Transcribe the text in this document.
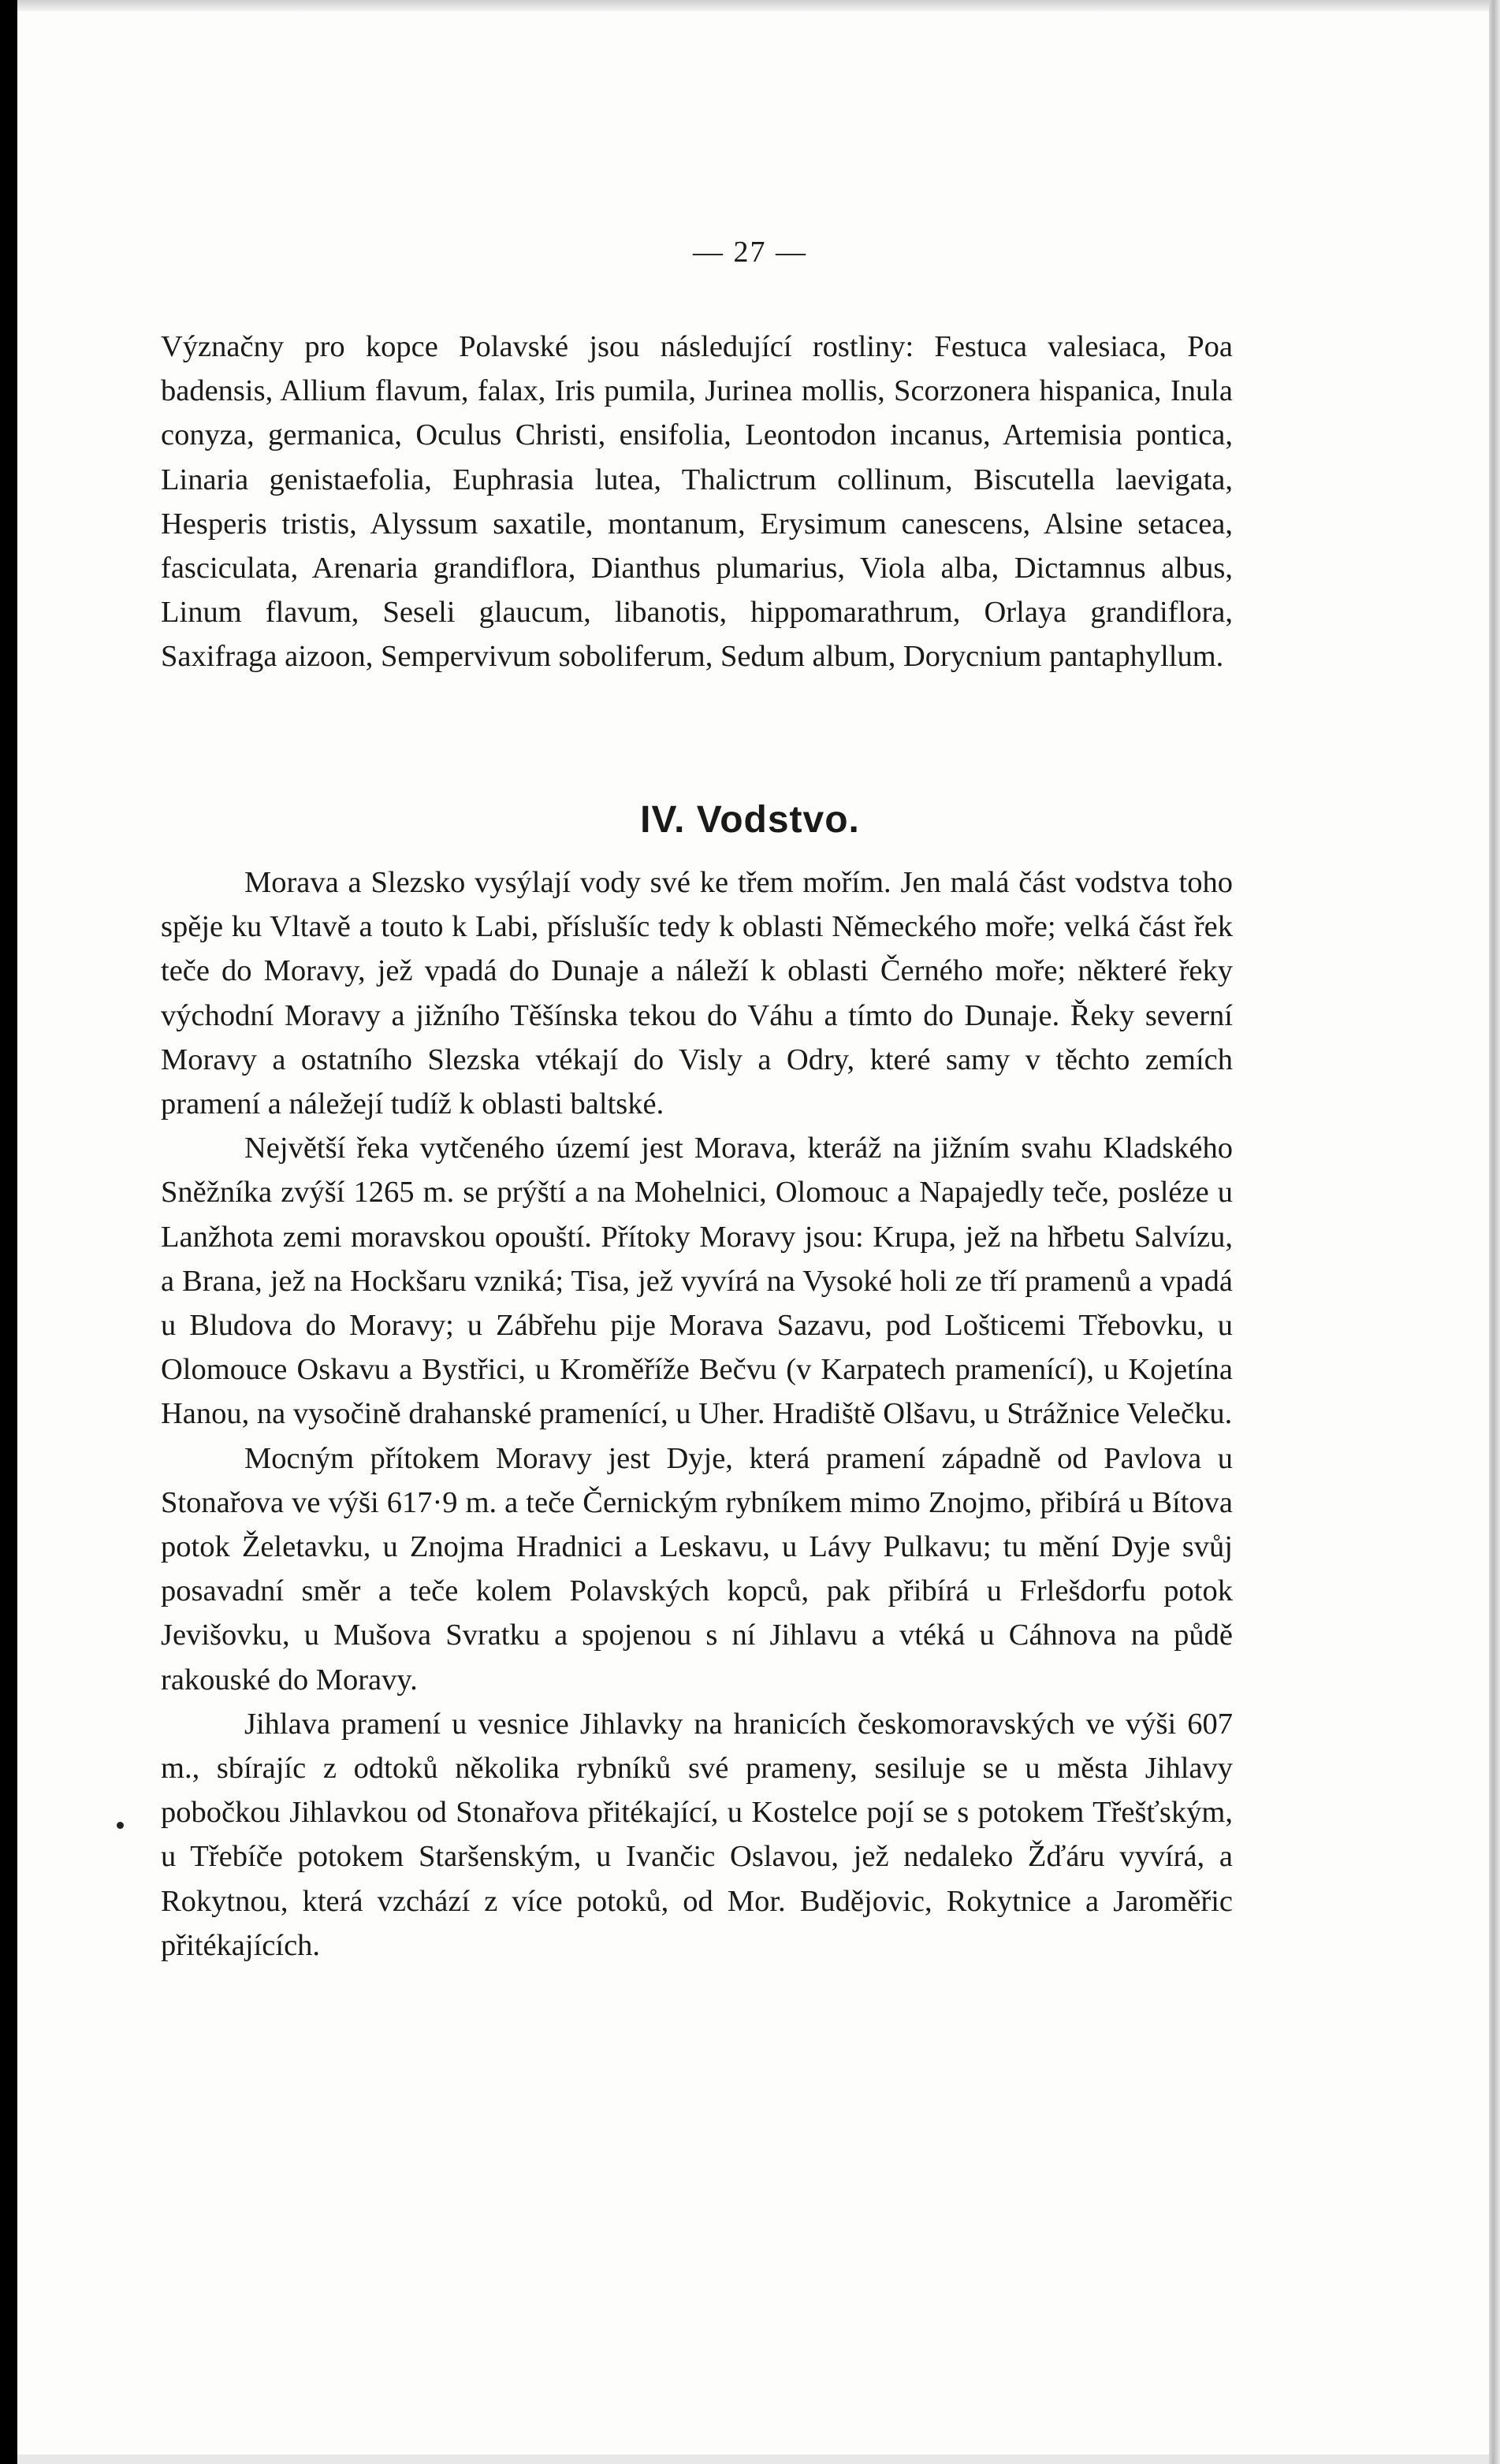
— 27 —

Význačny pro kopce Polavské jsou následující rostliny: Festuca valesiaca, Poa badensis, Allium flavum, falax, Iris pumila, Jurinea mollis, Scorzonera hispanica, Inula conyza, germanica, Oculus Christi, ensifolia, Leontodon incanus, Artemisia pontica, Linaria genistaefolia, Euphrasia lutea, Thalictrum collinum, Biscutella laevigata, Hesperis tristis, Alyssum saxatile, montanum, Erysimum canescens, Alsine setacea, fasciculata, Arenaria grandiflora, Dianthus plumarius, Viola alba, Dictamnus albus, Linum flavum, Seseli glaucum, libanotis, hippomarathrum, Orlaya grandiflora, Saxifraga aizoon, Sempervivum soboliferum, Sedum album, Dorycnium pantaphyllum.

IV. Vodstvo.

Morava a Slezsko vysýlají vody své ke třem mořím. Jen malá část vodstva toho spěje ku Vltavě a touto k Labi, příslušíc tedy k oblasti Německého moře; velká část řek teče do Moravy, jež vpadá do Dunaje a náleží k oblasti Černého moře; některé řeky východní Moravy a jižního Těšínska tekou do Váhu a tímto do Dunaje. Řeky severní Moravy a ostatního Slezska vtékají do Visly a Odry, které samy v těchto zemích pramení a náležejí tudíž k oblasti baltské.

Největší řeka vytčeného území jest Morava, kteráž na jižním svahu Kladského Sněžníka zvýší 1265 m. se prýští a na Mohelnici, Olomouc a Napajedly teče, posléze u Lanžhota zemi moravskou opouští. Přítoky Moravy jsou: Krupa, jež na hřbetu Salvízu, a Brana, jež na Hockšaru vzniká; Tisa, jež vyvírá na Vysoké holi ze tří pramenů a vpadá u Bludova do Moravy; u Zábřehu pije Morava Sazavu, pod Lošticemi Třebovku, u Olomouce Oskavu a Bystřici, u Kroměříže Bečvu (v Karpatech pramenící), u Kojetína Hanou, na vysočině drahanské pramenící, u Uher. Hradiště Olšavu, u Strážnice Velečku.

Mocným přítokem Moravy jest Dyje, která pramení západně od Pavlova u Stonařova ve výši 617·9 m. a teče Černickým rybníkem mimo Znojmo, přibírá u Bítova potok Želetavku, u Znojma Hradnici a Leskavu, u Lávy Pulkavu; tu mění Dyje svůj posavadní směr a teče kolem Polavských kopců, pak přibírá u Frlešdorfu potok Jevišovku, u Mušova Svratku a spojenou s ní Jihlavu a vtéká u Cáhnova na půdě rakouské do Moravy.

Jihlava pramení u vesnice Jihlavky na hranicích českomoravských ve výši 607 m., sbírajíc z odtoků několika rybníků své prameny, sesiluje se u města Jihlavy pobočkou Jihlavkou od Stonařova přitékající, u Kostelce pojí se s potokem Třešťským, u Třebíče potokem Staršenským, u Ivančic Oslavou, jež nedaleko Žďáru vyvírá, a Rokytnou, která vzchází z více potoků, od Mor. Budějovic, Rokytnice a Jaroměřic přitékajících.
